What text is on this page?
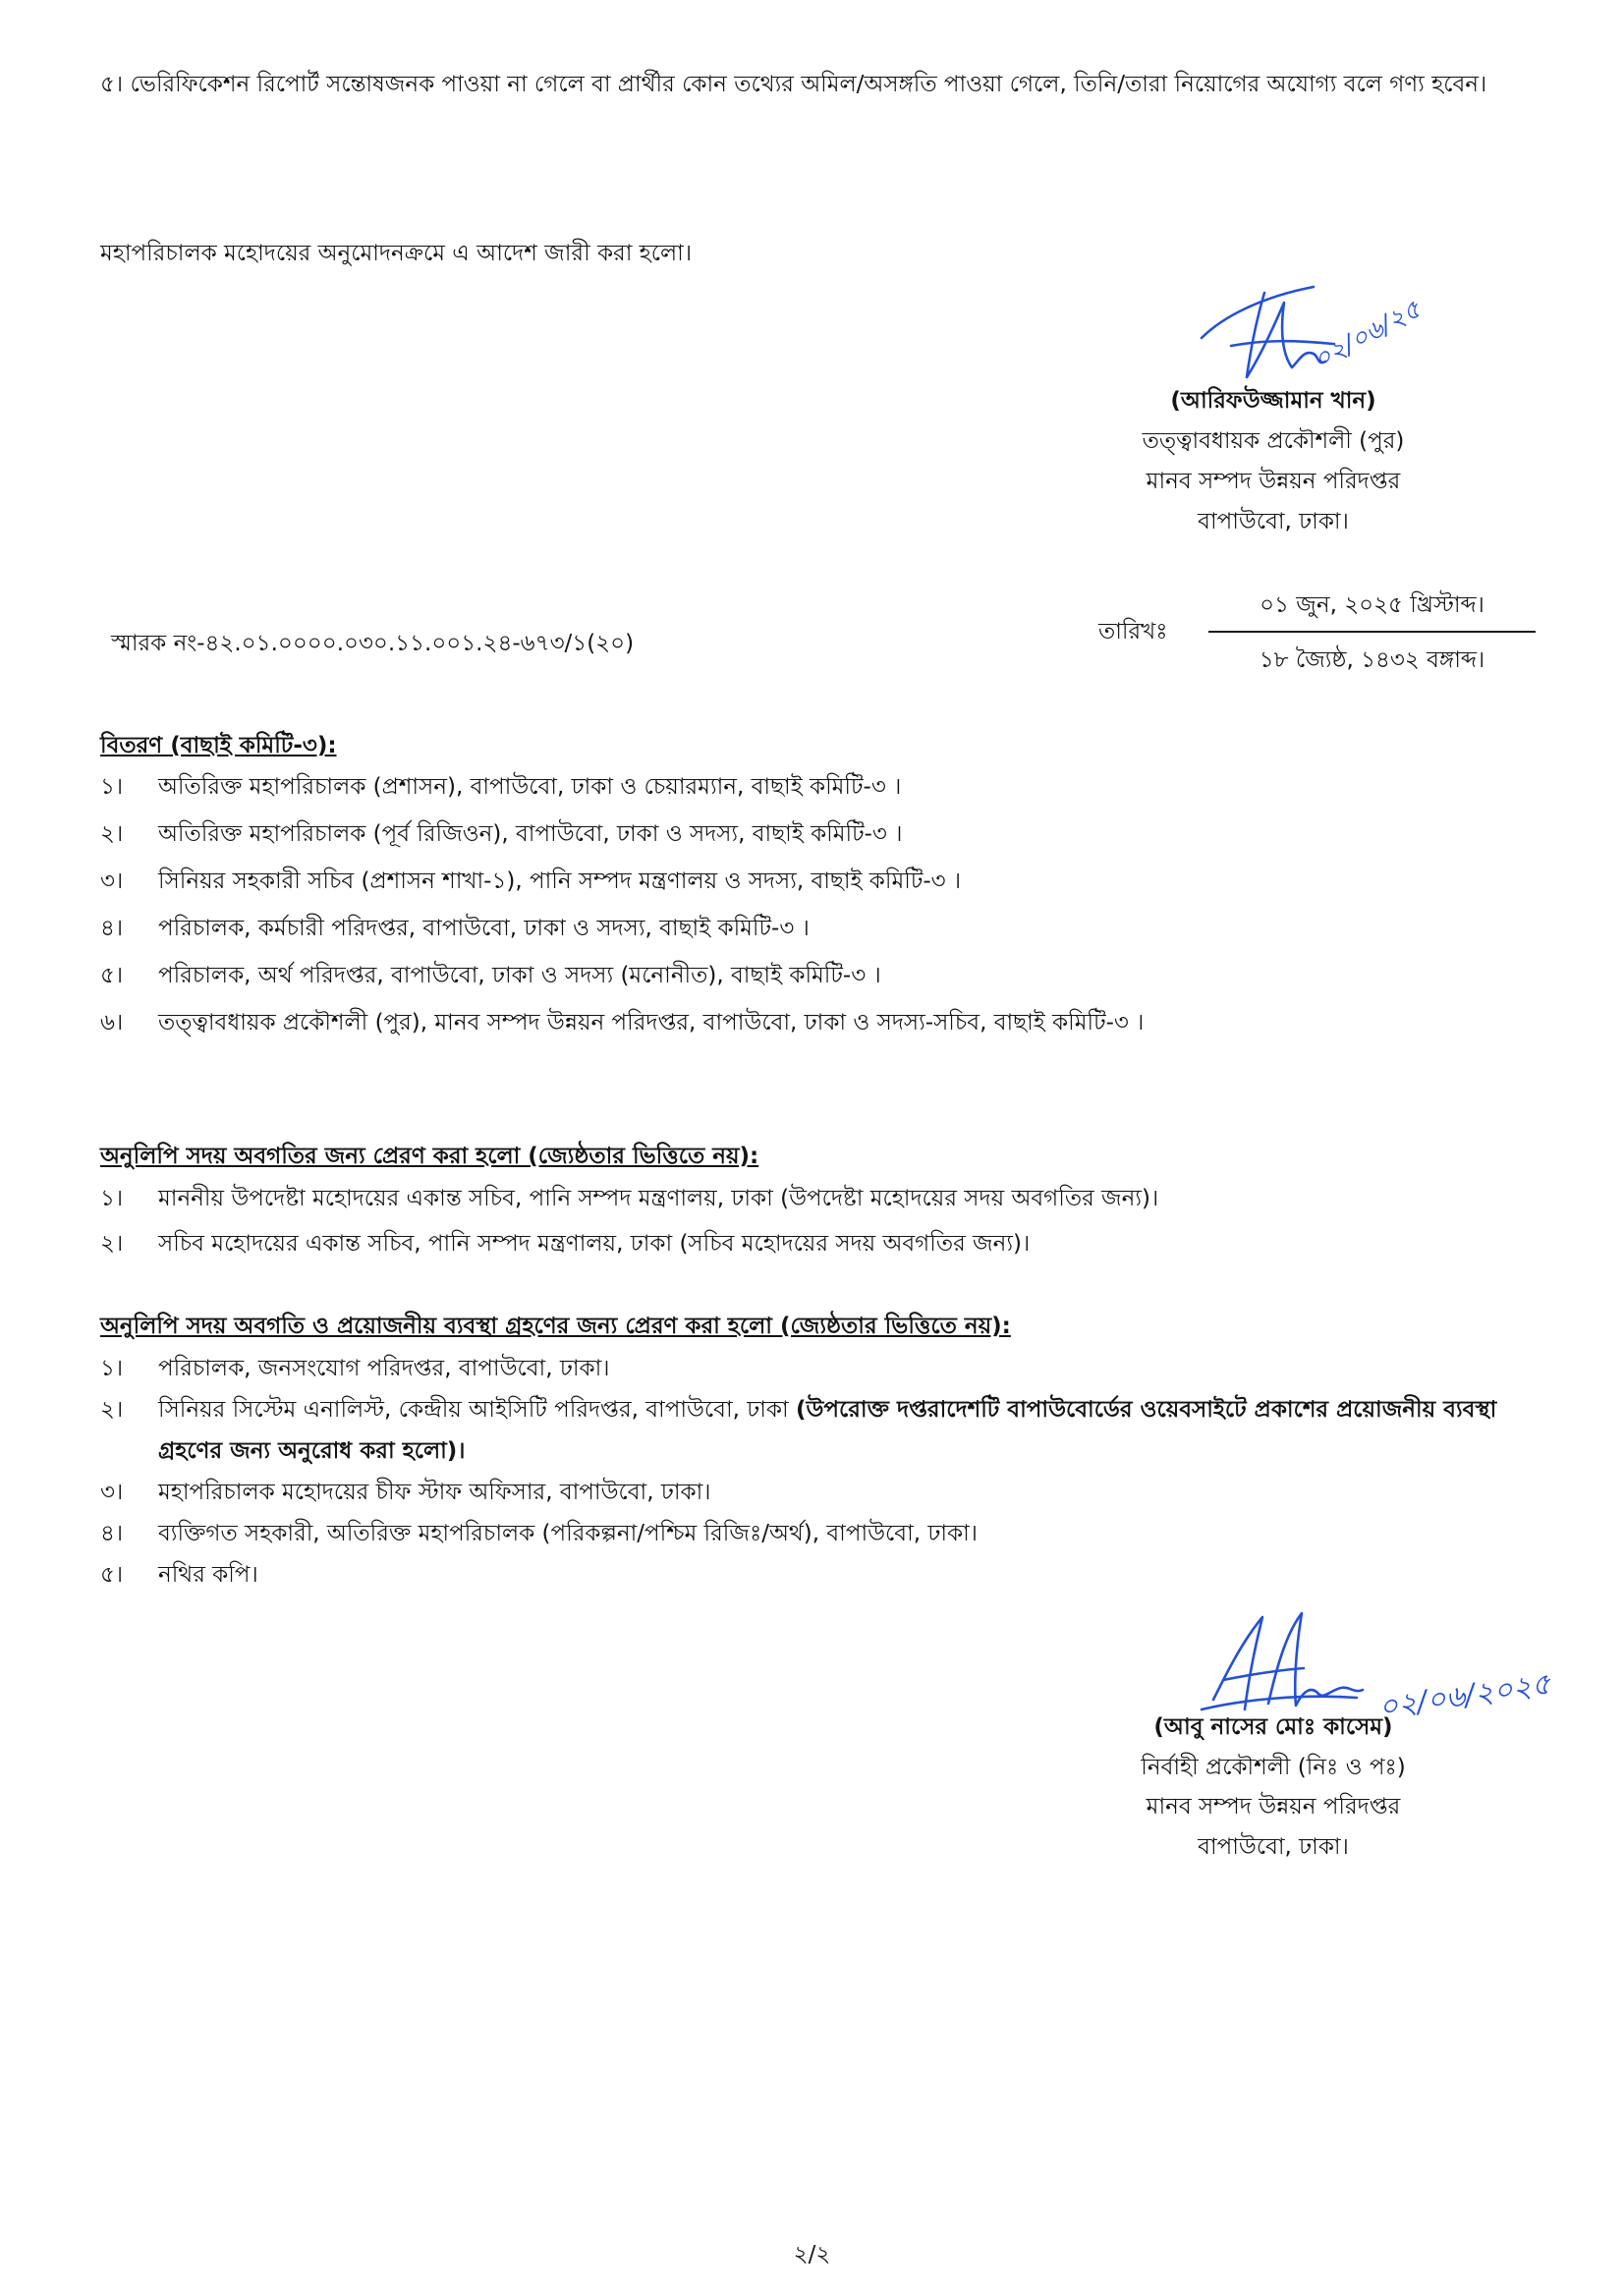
৫। ভেরিফিকেশন রিপোর্ট সন্তোষজনক পাওয়া না গেলে বা প্রার্থীর কোন তথ্যের অমিল/অসঙ্গতি পাওয়া গেলে, তিনি/তারা নিয়োগের অযোগ্য বলে গণ্য হবেন।

মহাপরিচালক মহোদয়ের অনুমোদনক্রমে এ আদেশ জারী করা হলো।
০২/০৬/২৫
(আরিফউজ্জামান খান)
তত্ত্বাবধায়ক প্রকৌশলী (পুর)
মানব সম্পদ উন্নয়ন পরিদপ্তর
বাপাউবো, ঢাকা।
স্মারক নং-৪২.০১.০০০০.০৩০.১১.০০১.২৪-৬৭৩/১(২০)	তারিখঃ
০১ জুন, ২০২৫ খ্রিস্টাব্দ।
১৮ জ্যৈষ্ঠ, ১৪৩২ বঙ্গাব্দ।
বিতরণ (বাছাই কমিটি-৩):
১।	অতিরিক্ত মহাপরিচালক (প্রশাসন), বাপাউবো, ঢাকা ও চেয়ারম্যান, বাছাই কমিটি-৩ ।
২।	অতিরিক্ত মহাপরিচালক (পূর্ব রিজিওন), বাপাউবো, ঢাকা ও সদস্য, বাছাই কমিটি-৩ ।
৩।	সিনিয়র সহকারী সচিব (প্রশাসন শাখা-১), পানি সম্পদ মন্ত্রণালয় ও সদস্য, বাছাই কমিটি-৩ ।
৪।	পরিচালক, কর্মচারী পরিদপ্তর, বাপাউবো, ঢাকা ও সদস্য, বাছাই কমিটি-৩ ।
৫।	পরিচালক, অর্থ পরিদপ্তর, বাপাউবো, ঢাকা ও সদস্য (মনোনীত), বাছাই কমিটি-৩ ।
৬।	তত্ত্বাবধায়ক প্রকৌশলী (পুর), মানব সম্পদ উন্নয়ন পরিদপ্তর, বাপাউবো, ঢাকা ও সদস্য-সচিব, বাছাই কমিটি-৩ ।
অনুলিপি সদয় অবগতির জন্য প্রেরণ করা হলো (জ্যেষ্ঠতার ভিত্তিতে নয়):
১।	মাননীয় উপদেষ্টা মহোদয়ের একান্ত সচিব, পানি সম্পদ মন্ত্রণালয়, ঢাকা (উপদেষ্টা মহোদয়ের সদয় অবগতির জন্য)।
২।	সচিব মহোদয়ের একান্ত সচিব, পানি সম্পদ মন্ত্রণালয়, ঢাকা (সচিব মহোদয়ের সদয় অবগতির জন্য)।
অনুলিপি সদয় অবগতি ও প্রয়োজনীয় ব্যবস্থা গ্রহণের জন্য প্রেরণ করা হলো (জ্যেষ্ঠতার ভিত্তিতে নয়):
১।	পরিচালক, জনসংযোগ পরিদপ্তর, বাপাউবো, ঢাকা।
২।	সিনিয়র সিস্টেম এনালিস্ট, কেন্দ্রীয় আইসিটি পরিদপ্তর, বাপাউবো, ঢাকা (উপরোক্ত দপ্তরাদেশটি বাপাউবোর্ডের ওয়েবসাইটে প্রকাশের প্রয়োজনীয় ব্যবস্থা গ্রহণের জন্য অনুরোধ করা হলো)।
৩।	মহাপরিচালক মহোদয়ের চীফ স্টাফ অফিসার, বাপাউবো, ঢাকা।
৪।	ব্যক্তিগত সহকারী, অতিরিক্ত মহাপরিচালক (পরিকল্পনা/পশ্চিম রিজিঃ/অর্থ), বাপাউবো, ঢাকা।
৫।	নথির কপি।
০২/০৬/২০২৫
(আবু নাসের মোঃ কাসেম)
নির্বাহী প্রকৌশলী (নিঃ ও পঃ)
মানব সম্পদ উন্নয়ন পরিদপ্তর
বাপাউবো, ঢাকা।
২/২
